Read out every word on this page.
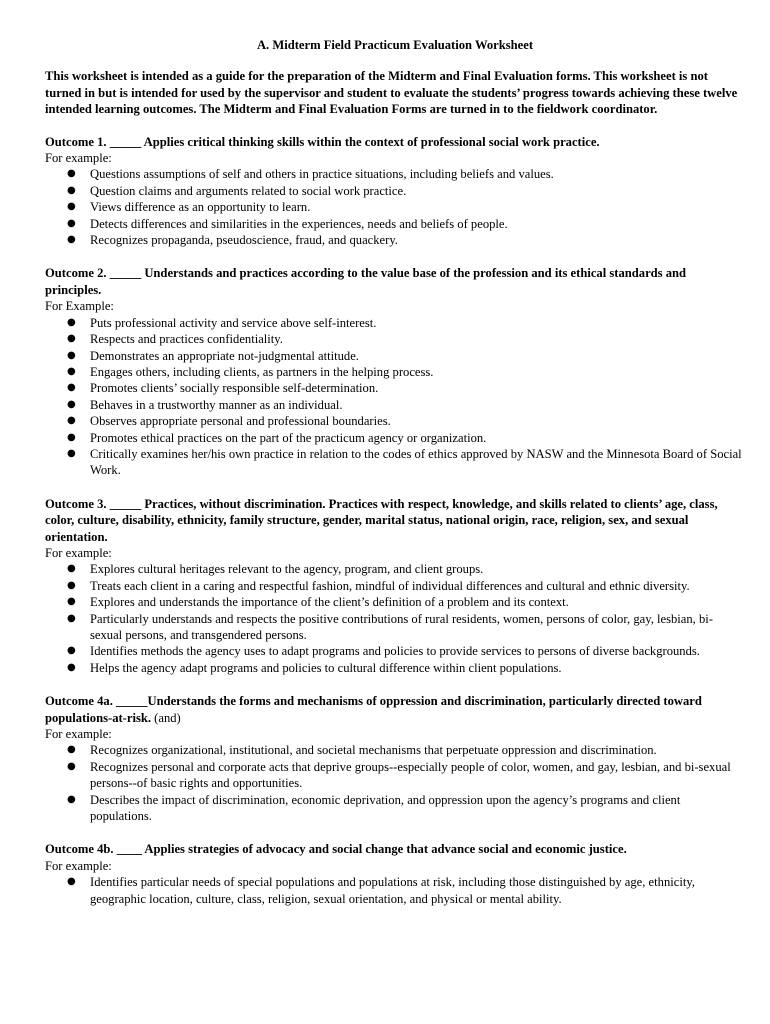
A. Midterm Field Practicum Evaluation Worksheet
This worksheet is intended as a guide for the preparation of the Midterm and Final Evaluation forms. This worksheet is not turned in but is intended for used by the supervisor and student to evaluate the students’ progress towards achieving these twelve intended learning outcomes. The Midterm and Final Evaluation Forms are turned in to the fieldwork coordinator.
Outcome 1. _____ Applies critical thinking skills within the context of professional social work practice.
For example:
● Questions assumptions of self and others in practice situations, including beliefs and values.
● Question claims and arguments related to social work practice.
● Views difference as an opportunity to learn.
● Detects differences and similarities in the experiences, needs and beliefs of people.
● Recognizes propaganda, pseudoscience, fraud, and quackery.
Outcome 2. _____ Understands and practices according to the value base of the profession and its ethical standards and principles.
For Example:
● Puts professional activity and service above self-interest.
● Respects and practices confidentiality.
● Demonstrates an appropriate not-judgmental attitude.
● Engages others, including clients, as partners in the helping process.
● Promotes clients’ socially responsible self-determination.
● Behaves in a trustworthy manner as an individual.
● Observes appropriate personal and professional boundaries.
● Promotes ethical practices on the part of the practicum agency or organization.
● Critically examines her/his own practice in relation to the codes of ethics approved by NASW and the Minnesota Board of Social Work.
Outcome 3. _____ Practices, without discrimination. Practices with respect, knowledge, and skills related to clients’ age, class, color, culture, disability, ethnicity, family structure, gender, marital status, national origin, race, religion, sex, and sexual orientation.
For example:
● Explores cultural heritages relevant to the agency, program, and client groups.
● Treats each client in a caring and respectful fashion, mindful of individual differences and cultural and ethnic diversity.
● Explores and understands the importance of the client’s definition of a problem and its context.
● Particularly understands and respects the positive contributions of rural residents, women, persons of color, gay, lesbian, bi-sexual persons, and transgendered persons.
● Identifies methods the agency uses to adapt programs and policies to provide services to persons of diverse backgrounds.
● Helps the agency adapt programs and policies to cultural difference within client populations.
Outcome 4a. _____Understands the forms and mechanisms of oppression and discrimination, particularly directed toward populations-at-risk. (and)
For example:
● Recognizes organizational, institutional, and societal mechanisms that perpetuate oppression and discrimination.
● Recognizes personal and corporate acts that deprive groups--especially people of color, women, and gay, lesbian, and bi-sexual persons--of basic rights and opportunities.
● Describes the impact of discrimination, economic deprivation, and oppression upon the agency’s programs and client populations.
Outcome 4b. ____ Applies strategies of advocacy and social change that advance social and economic justice.
For example:
● Identifies particular needs of special populations and populations at risk, including those distinguished by age, ethnicity, geographic location, culture, class, religion, sexual orientation, and physical or mental ability.
